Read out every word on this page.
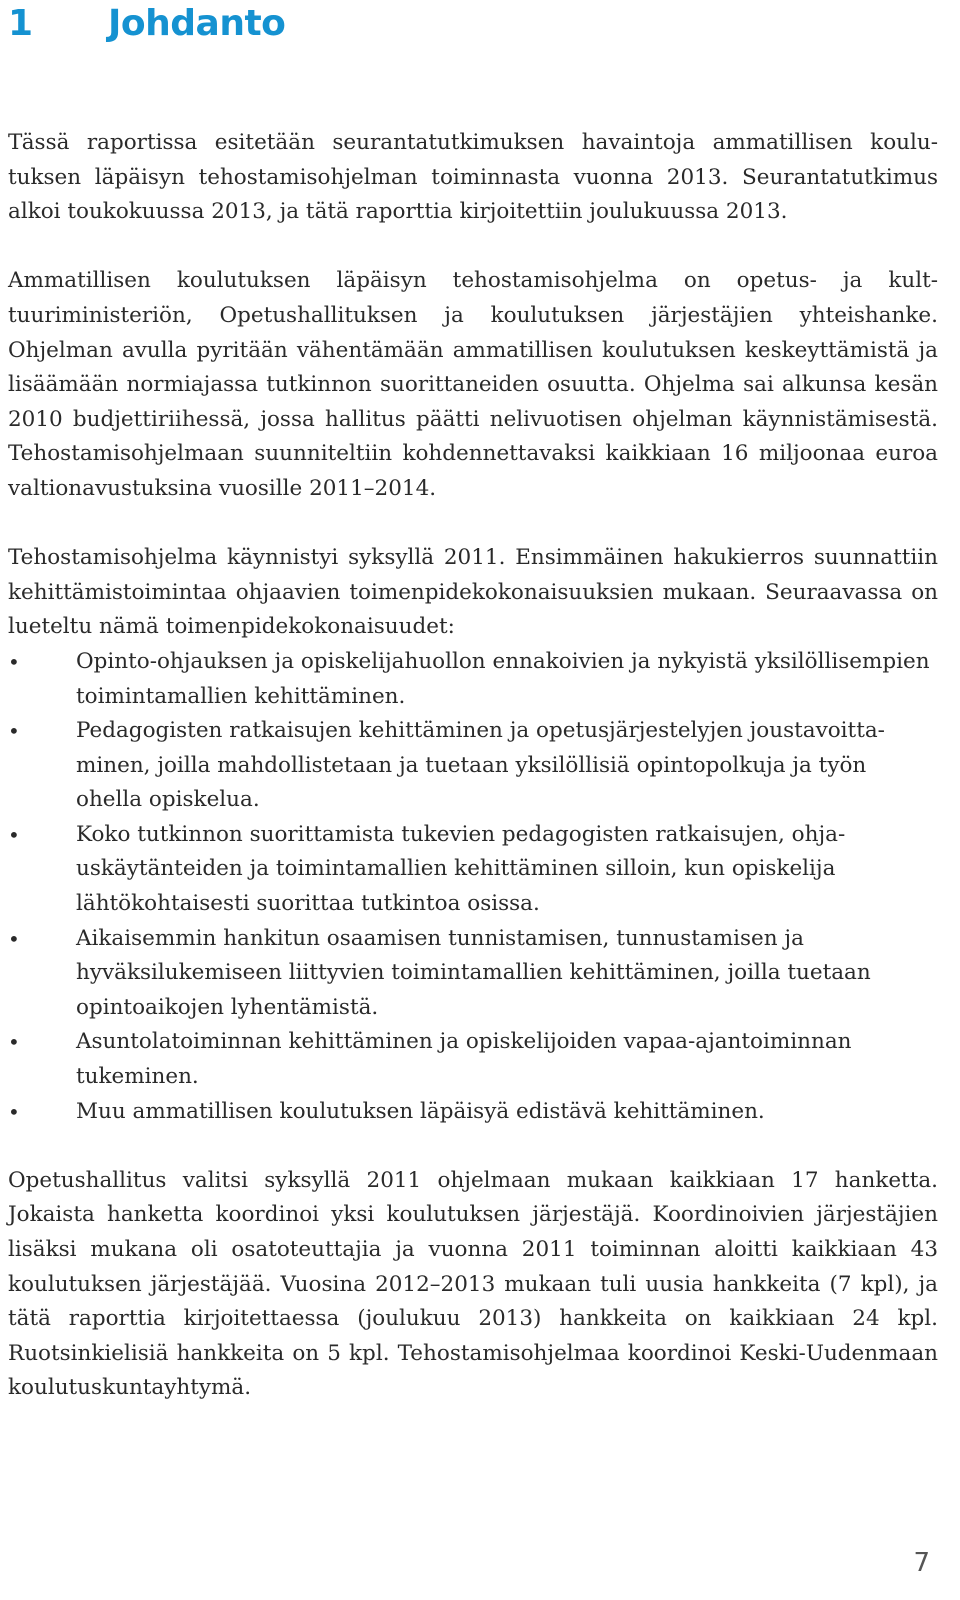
1 Johdanto

Tässä raportissa esitetään seurantatutkimuksen havaintoja ammatillisen koulutuksen läpäisyn tehostamisohjelman toiminnasta vuonna 2013. Seurantatutkimus alkoi toukokuussa 2013, ja tätä raporttia kirjoitettiin joulukuussa 2013.

Ammatillisen koulutuksen läpäisyn tehostamisohjelma on opetus- ja kulttuuriministeriön, Opetushallituksen ja koulutuksen järjestäjien yhteishanke. Ohjelman avulla pyritään vähentämään ammatillisen koulutuksen keskeyttämistä ja lisäämään normiajassa tutkinnon suorittaneiden osuutta. Ohjelma sai alkunsa kesän 2010 budjettiriihessä, jossa hallitus päätti nelivuotisen ohjelman käynnistämisestä. Tehostamisohjelmaan suunniteltiin kohdennettavaksi kaikkiaan 16 miljoonaa euroa valtionavustuksina vuosille 2011–2014.

Tehostamisohjelma käynnistyi syksyllä 2011. Ensimmäinen hakukierros suunnattiin kehittämistoimintaa ohjaavien toimenpidekokonaisuuksien mukaan. Seuraavassa on lueteltu nämä toimenpidekokonaisuudet:

•	Opinto-ohjauksen ja opiskelijahuollon ennakoivien ja nykyistä yksilöllisempien toimintamallien kehittäminen.
•	Pedagogisten ratkaisujen kehittäminen ja opetusjärjestelyjen joustavoittaminen, joilla mahdollistetaan ja tuetaan yksilöllisiä opintopolkuja ja työn ohella opiskelua.
•	Koko tutkinnon suorittamista tukevien pedagogisten ratkaisujen, ohjauskäytänteiden ja toimintamallien kehittäminen silloin, kun opiskelija lähtökohtaisesti suorittaa tutkintoa osissa.
•	Aikaisemmin hankitun osaamisen tunnistamisen, tunnustamisen ja hyväksilukemiseen liittyvien toimintamallien kehittäminen, joilla tuetaan opintoaikojen lyhentämistä.
•	Asuntolatoiminnan kehittäminen ja opiskelijoiden vapaa-ajantoiminnan tukeminen.
•	Muu ammatillisen koulutuksen läpäisyä edistävä kehittäminen.

Opetushallitus valitsi syksyllä 2011 ohjelmaan mukaan kaikkiaan 17 hanketta. Jokaista hanketta koordinoi yksi koulutuksen järjestäjä. Koordinoivien järjestäjien lisäksi mukana oli osatoteuttajia ja vuonna 2011 toiminnan aloitti kaikkiaan 43 koulutuksen järjestäjää. Vuosina 2012–2013 mukaan tuli uusia hankkeita (7 kpl), ja tätä raporttia kirjoitettaessa (joulukuu 2013) hankkeita on kaikkiaan 24 kpl. Ruotsinkielisiä hankkeita on 5 kpl. Tehostamisohjelmaa koordinoi Keski-Uudenmaan koulutuskuntayhtymä.

7
